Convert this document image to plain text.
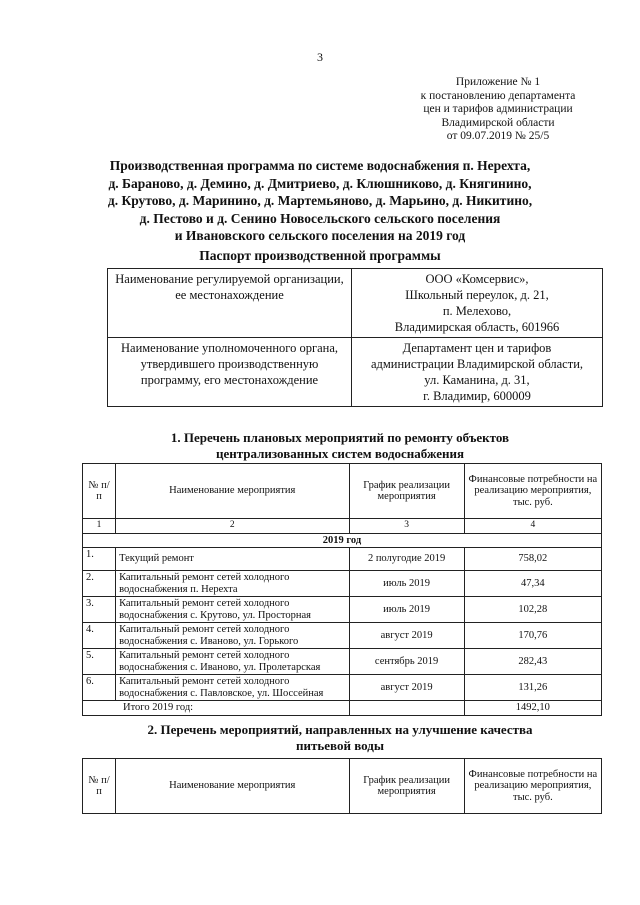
3
Приложение № 1
к постановлению департамента
цен и тарифов администрации
Владимирской области
от 09.07.2019 № 25/5
Производственная программа по системе водоснабжения п. Нерехта,
д. Бараново, д. Демино, д. Дмитриево, д. Клюшниково, д. Княгинино,
д. Крутово, д. Маринино, д. Мартемьяново, д. Марьино, д. Никитино,
д. Пестово и д. Сенино Новосельского сельского поселения
и Ивановского сельского поселения на 2019 год
Паспорт производственной программы
Наименование регулируемой организации, ее местонахождение	ООО «Комсервис»,
Школьный переулок, д. 21,
п. Мелехово,
Владимирская область, 601966

Наименование уполномоченного органа, утвердившего производственную программу, его местонахождение	Департамент цен и тарифов
администрации Владимирской области,
ул. Каманина, д. 31,
г. Владимир, 600009
1. Перечень плановых мероприятий по ремонту объектов
централизованных систем водоснабжения
№ п/п	Наименование мероприятия	График реализации мероприятия	Финансовые потребности на реализацию мероприятия, тыс. руб.
1	2	3	4
2019 год			
1.	Текущий ремонт	2 полугодие 2019	758,02
2.	Капитальный ремонт сетей холодного водоснабжения п. Нерехта	июль 2019	47,34
3.	Капитальный ремонт сетей холодного водоснабжения с. Крутово, ул. Просторная	июль 2019	102,28
4.	Капитальный ремонт сетей холодного водоснабжения с. Иваново, ул. Горького	август 2019	170,76
5.	Капитальный ремонт сетей холодного водоснабжения с. Иваново, ул. Пролетарская	сентябрь 2019	282,43
6.	Капитальный ремонт сетей холодного водоснабжения с. Павловское, ул. Шоссейная	август 2019	131,26
Итого 2019 год:			1492,10
2. Перечень мероприятий, направленных на улучшение качества
питьевой воды
№ п/п	Наименование мероприятия	График реализации мероприятия	Финансовые потребности на реализацию мероприятия, тыс. руб.
